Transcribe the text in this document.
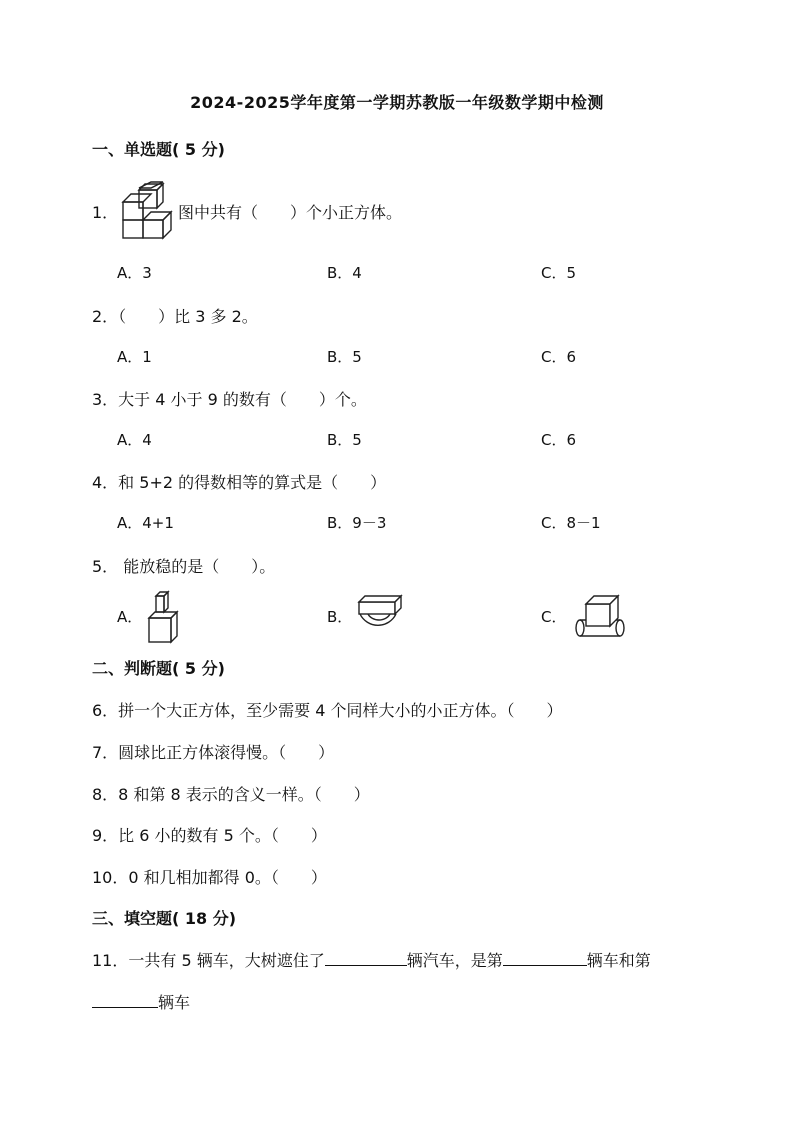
2024-2025学年度第一学期苏教版一年级数学期中检测
一、单选题( 5 分)
1．	图中共有（　　）个小正方体。
A．3	B．4	C．5
2．（　　）比 3 多 2。
A．1	B．5	C．6
3．大于 4 小于 9 的数有（　　）个。
A．4	B．5	C．6
4．和 5+2 的得数相等的算式是（　　）
A．4+1	B．9－3	C．8－1
5． 能放稳的是（　　）。
A．	B．	C．
二、判断题( 5 分)
6．拼一个大正方体，至少需要 4 个同样大小的小正方体。（　　）
7．圆球比正方体滚得慢。（　　）
8．8 和第 8 表示的含义一样。（　　）
9．比 6 小的数有 5 个。（　　）
10．0 和几相加都得 0。（　　）
三、填空题( 18 分)
11．一共有 5 辆车，大树遮住了	辆汽车，是第	辆车和第
辆车
